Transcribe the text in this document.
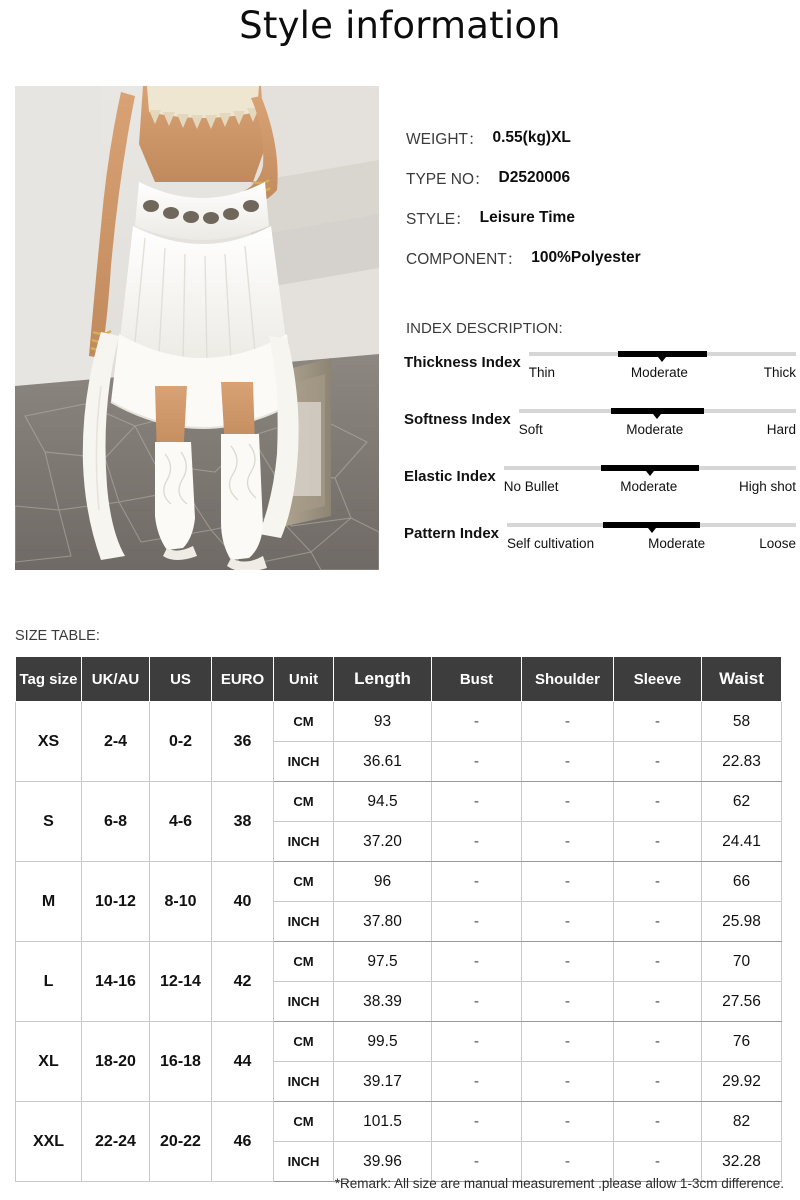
Style information
WEIGHT： 0.55(kg)XL
TYPE NO： D2520006
STYLE： Leisure Time
COMPONENT： 100%Polyester
INDEX DESCRIPTION:
Thickness Index
Thin	Moderate	Thick
Softness Index
Soft	Moderate	Hard
Elastic Index
No Bullet	Moderate	High shot
Pattern Index
Self cultivation	Moderate	Loose
SIZE TABLE:
Tag size	UK/AU	US	EURO	Unit	Length	Bust	Shoulder	Sleeve	Waist
XS	2-4	0-2	36	CM	93	-	-	-	58
				INCH	36.61	-	-	-	22.83
S	6-8	4-6	38	CM	94.5	-	-	-	62
				INCH	37.20	-	-	-	24.41
M	10-12	8-10	40	CM	96	-	-	-	66
				INCH	37.80	-	-	-	25.98
L	14-16	12-14	42	CM	97.5	-	-	-	70
				INCH	38.39	-	-	-	27.56
XL	18-20	16-18	44	CM	99.5	-	-	-	76
				INCH	39.17	-	-	-	29.92
XXL	22-24	20-22	46	CM	101.5	-	-	-	82
				INCH	39.96	-	-	-	32.28
*Remark: All size are manual measurement .please allow 1-3cm difference.
